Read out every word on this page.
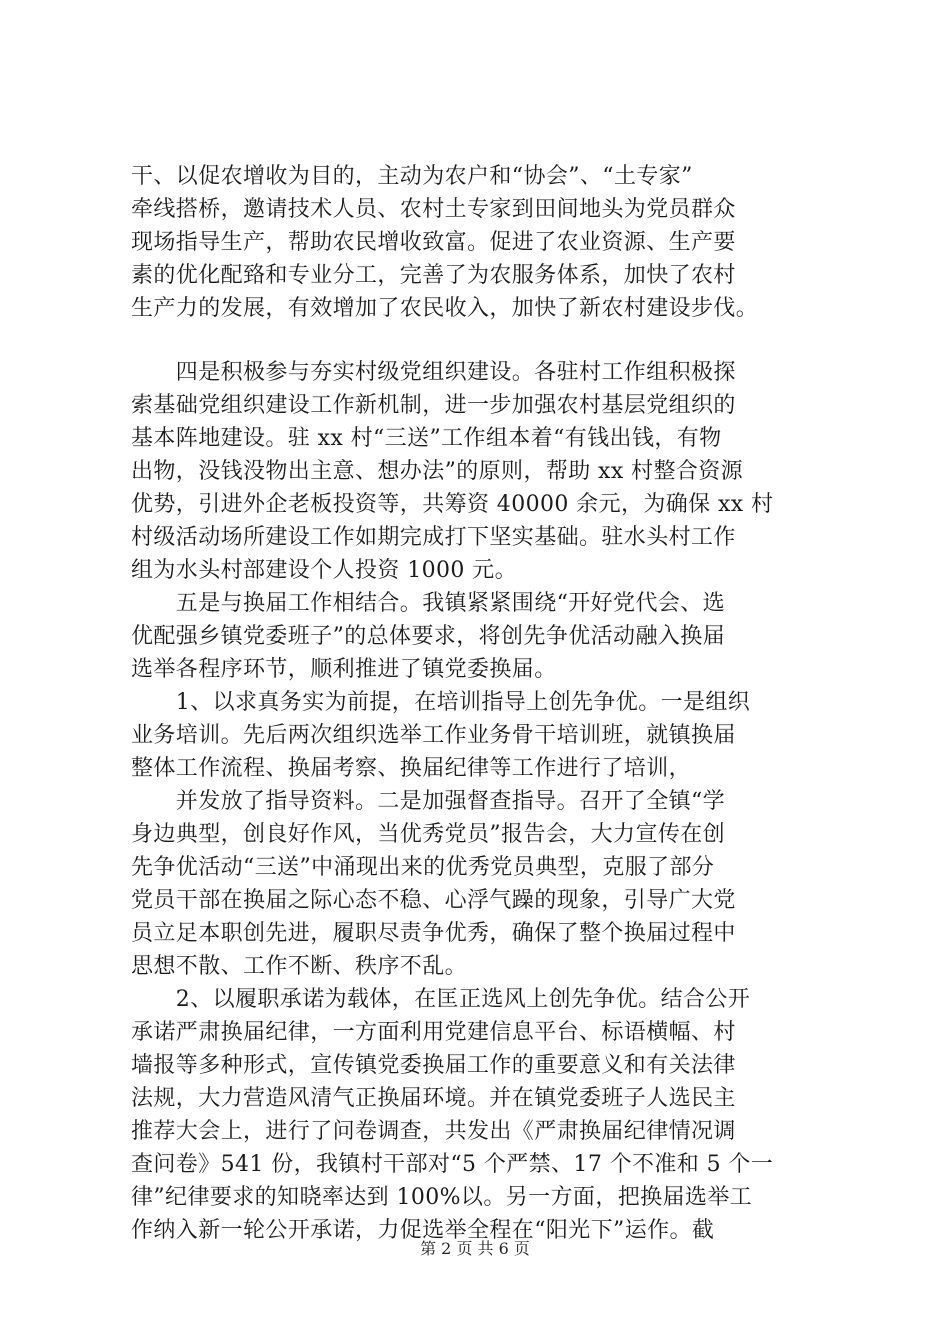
干、以促农增收为目的，主动为农户和“协会”、“土专家”
牵线搭桥，邀请技术人员、农村土专家到田间地头为党员群众
现场指导生产，帮助农民增收致富。促进了农业资源、生产要
素的优化配臵和专业分工，完善了为农服务体系，加快了农村
生产力的发展，有效增加了农民收入，加快了新农村建设步伐。
　　四是积极参与夯实村级党组织建设。各驻村工作组积极探
索基础党组织建设工作新机制，进一步加强农村基层党组织的
基本阵地建设。驻 xx 村“三送”工作组本着“有钱出钱，有物
出物，没钱没物出主意、想办法”的原则，帮助 xx 村整合资源
优势，引进外企老板投资等，共筹资 40000 余元，为确保 xx 村
村级活动场所建设工作如期完成打下坚实基础。驻水头村工作
组为水头村部建设个人投资 1000 元。
　　五是与换届工作相结合。我镇紧紧围绕“开好党代会、选
优配强乡镇党委班子”的总体要求，将创先争优活动融入换届
选举各程序环节，顺利推进了镇党委换届。
　　1、以求真务实为前提，在培训指导上创先争优。一是组织
业务培训。先后两次组织选举工作业务骨干培训班，就镇换届
整体工作流程、换届考察、换届纪律等工作进行了培训，
　　并发放了指导资料。二是加强督查指导。召开了全镇“学
身边典型，创良好作风，当优秀党员”报告会，大力宣传在创
先争优活动“三送”中涌现出来的优秀党员典型，克服了部分
党员干部在换届之际心态不稳、心浮气躁的现象，引导广大党
员立足本职创先进，履职尽责争优秀，确保了整个换届过程中
思想不散、工作不断、秩序不乱。
　　2、以履职承诺为载体，在匡正选风上创先争优。结合公开
承诺严肃换届纪律，一方面利用党建信息平台、标语横幅、村
墙报等多种形式，宣传镇党委换届工作的重要意义和有关法律
法规，大力营造风清气正换届环境。并在镇党委班子人选民主
推荐大会上，进行了问卷调查，共发出《严肃换届纪律情况调
查问卷》541 份，我镇村干部对“5 个严禁、17 个不准和 5 个一
律”纪律要求的知晓率达到 100%以。另一方面，把换届选举工
作纳入新一轮公开承诺，力促选举全程在“阳光下”运作。截
第 2 页 共 6 页
